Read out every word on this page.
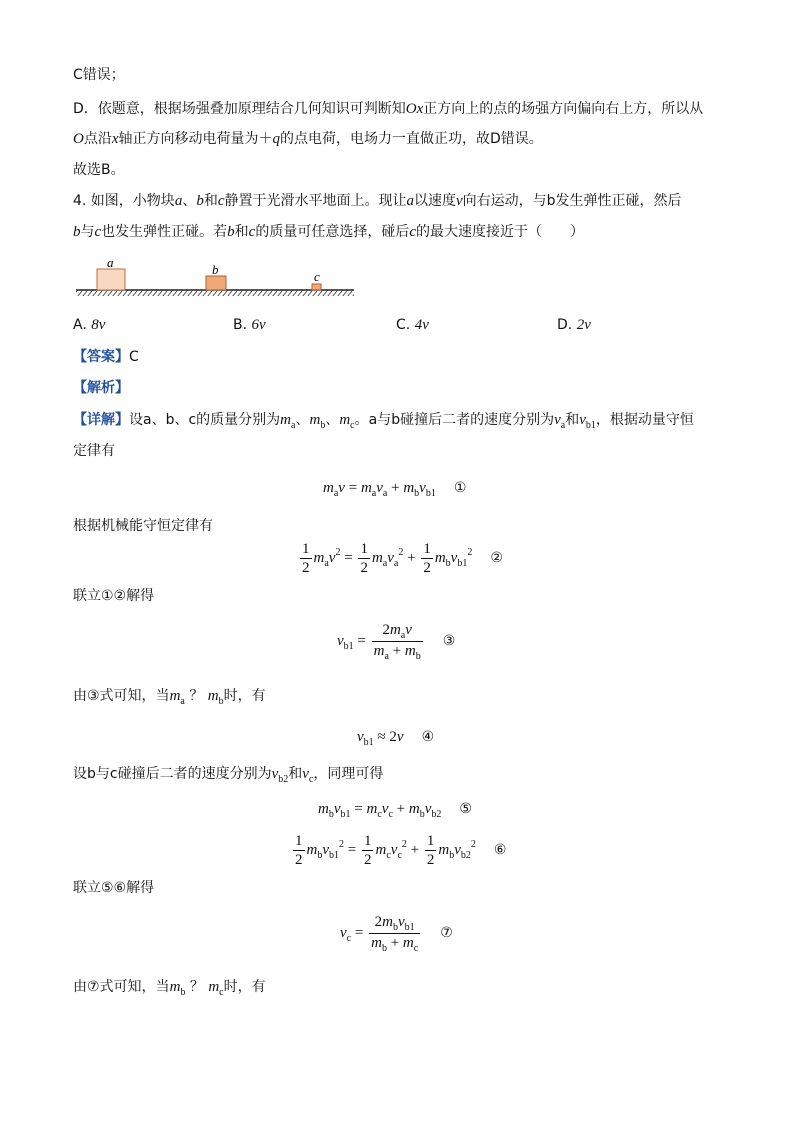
C错误；
D．依题意，根据场强叠加原理结合几何知识可判断知Ox正方向上的点的场强方向偏向右上方，所以从
O点沿x轴正方向移动电荷量为＋q的点电荷，电场力一直做正功，故D错误。
故选B。
4. 如图，小物块a、b和c静置于光滑水平地面上。现让a以速度v向右运动，与b发生弹性正碰，然后
b与c也发生弹性正碰。若b和c的质量可任意选择，碰后c的最大速度接近于（　　）
a	b	c
A. 8v	B. 6v	C. 4v	D. 2v
【答案】C
【解析】
【详解】设a、b、c的质量分别为$m_a$、$m_b$、$m_c$。a与b碰撞后二者的速度分别为$v_a$和$v_{b1}$，根据动量守恒
定律有
$m_av = m_av_a + m_bv_{b1}$ ①
根据机械能守恒定律有
$\frac{1}{2} m_av^2 = \frac{1}{2} m_av_a^2 + \frac{1}{2} m_bv_{b1}^2$ ②
联立①②解得
$v_{b1} = \frac{2m_av}{m_a + m_b}$ ③
由③式可知，当$m_a$ ？ $m_b$时，有
$v_{b1} \approx 2v$ ④
设b与c碰撞后二者的速度分别为$v_{b2}$和$v_c$，同理可得
$m_bv_{b1} = m_cv_c + m_bv_{b2}$ ⑤
$\frac{1}{2} m_bv_{b1}^2 = \frac{1}{2} m_cv_c^2 + \frac{1}{2} m_bv_{b2}^2$ ⑥
联立⑤⑥解得
$v_c = \frac{2m_bv_{b1}}{m_b + m_c}$ ⑦
由⑦式可知，当$m_b$ ？ $m_c$时，有
